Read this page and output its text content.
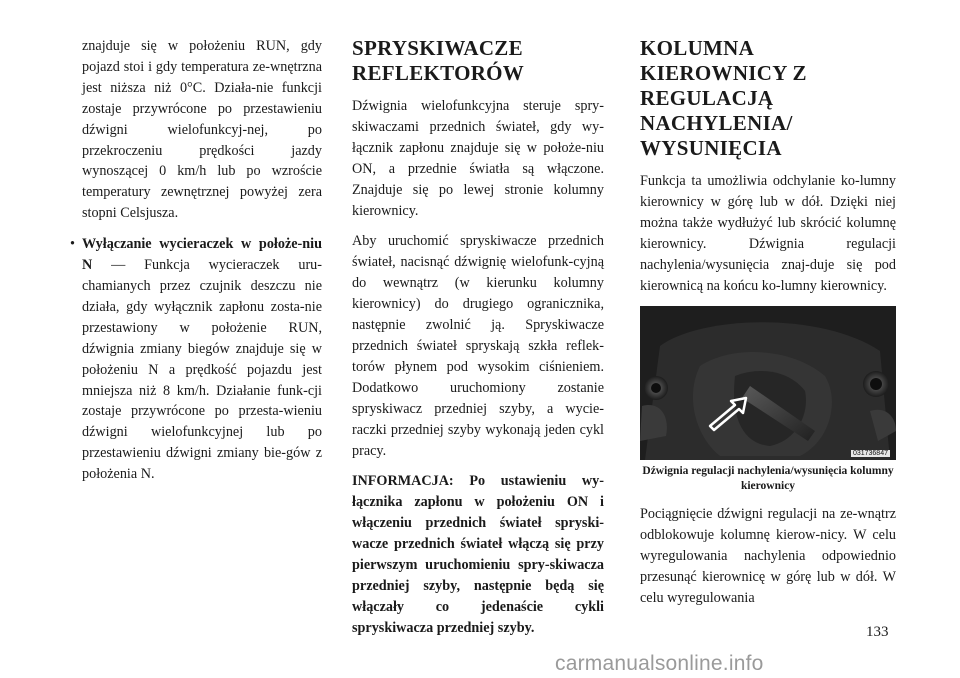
znajduje się w położeniu RUN, gdy pojazd stoi i gdy temperatura ze-wnętrzna jest niższa niż 0°C. Działa-nie funkcji zostaje przywrócone po przestawieniu dźwigni wielofunkcyj-nej, po przekroczeniu prędkości jazdy wynoszącej 0 km/h lub po wzroście temperatury zewnętrznej powyżej zera stopni Celsjusza.

• Wyłączanie wycieraczek w położe-niu N — Funkcja wycieraczek uru-chamianych przez czujnik deszczu nie działa, gdy wyłącznik zapłonu zosta-nie przestawiony w położenie RUN, dźwignia zmiany biegów znajduje się w położeniu N a prędkość pojazdu jest mniejsza niż 8 km/h. Działanie funk-cji zostaje przywrócone po przesta-wieniu dźwigni wielofunkcyjnej lub po przestawieniu dźwigni zmiany bie-gów z położenia N.

SPRYSKIWACZE REFLEKTORÓW

Dźwignia wielofunkcyjna steruje spry-skiwaczami przednich świateł, gdy wy-łącznik zapłonu znajduje się w położe-niu ON, a przednie światła są włączone. Znajduje się po lewej stronie kolumny kierownicy.

Aby uruchomić spryskiwacze przednich świateł, nacisnąć dźwignię wielofunk-cyjną do wewnątrz (w kierunku kolumny kierownicy) do drugiego ogranicznika, następnie zwolnić ją. Spryskiwacze przednich świateł spryskają szkła reflek-torów płynem pod wysokim ciśnieniem. Dodatkowo uruchomiony zostanie spryskiwacz przedniej szyby, a wycie-raczki przedniej szyby wykonają jeden cykl pracy.

INFORMACJA: Po ustawieniu wy-łącznika zapłonu w położeniu ON i włączeniu przednich świateł spryski-wacze przednich świateł włączą się przy pierwszym uruchomieniu spry-skiwacza przedniej szyby, następnie będą się włączały co jedenaście cykli spryskiwacza przedniej szyby.

KOLUMNA KIEROWNICY Z REGULACJĄ NACHYLENIA/ WYSUNIĘCIA

Funkcja ta umożliwia odchylanie ko-lumny kierownicy w górę lub w dół. Dzięki niej można także wydłużyć lub skrócić kolumnę kierownicy. Dźwignia regulacji nachylenia/wysunięcia znaj-duje się pod kierownicą na końcu ko-lumny kierownicy.

031736847
Dźwignia regulacji nachylenia/wysunięcia kolumny kierownicy

Pociągnięcie dźwigni regulacji na ze-wnątrz odblokowuje kolumnę kierow-nicy. W celu wyregulowania nachylenia odpowiednio przesunąć kierownicę w górę lub w dół. W celu wyregulowania

133
carmanualsonline.info
